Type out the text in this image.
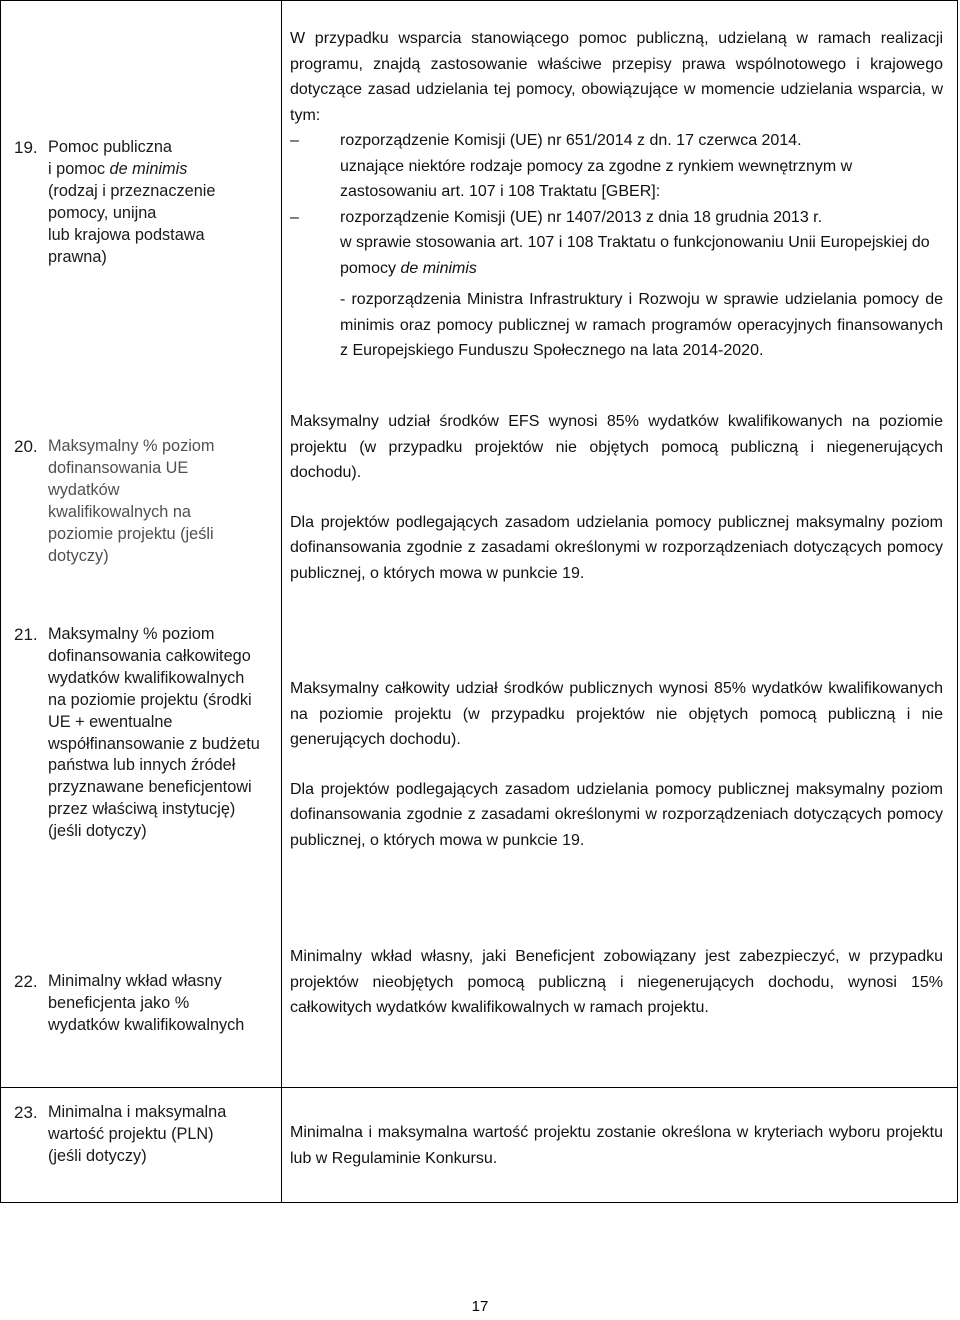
19. Pomoc publiczna
i pomoc de minimis
(rodzaj i przeznaczenie
pomocy, unijna
lub krajowa podstawa
prawna)

W przypadku wsparcia stanowiącego pomoc publiczną, udzielaną w ramach realizacji programu, znajdą zastosowanie właściwe przepisy prawa wspólnotowego i krajowego dotyczące zasad udzielania tej pomocy, obowiązujące w momencie udzielania wsparcia, w tym:

–	rozporządzenie Komisji (UE) nr 651/2014 z dn. 17 czerwca 2014.

uznające niektóre rodzaje pomocy za zgodne z rynkiem wewnętrznym w zastosowaniu art. 107 i 108 Traktatu [GBER]:

–	rozporządzenie Komisji (UE) nr 1407/2013 z dnia 18 grudnia 2013 r.

w sprawie stosowania art. 107 i 108 Traktatu o funkcjonowaniu Unii Europejskiej do pomocy de minimis

- rozporządzenia Ministra Infrastruktury i Rozwoju w sprawie udzielania pomocy de minimis oraz pomocy publicznej w ramach programów operacyjnych finansowanych z Europejskiego Funduszu Społecznego na lata 2014-2020.

20. Maksymalny % poziom dofinansowania UE wydatków kwalifikowalnych na poziomie projektu (jeśli dotyczy)

Maksymalny udział środków EFS wynosi 85% wydatków kwalifikowanych na poziomie projektu (w przypadku projektów nie objętych pomocą publiczną i niegenerujących dochodu).

Dla projektów podlegających zasadom udzielania pomocy publicznej maksymalny poziom dofinansowania zgodnie z zasadami określonymi w rozporządzeniach dotyczących pomocy publicznej, o których mowa w punkcie 19.

21. Maksymalny % poziom dofinansowania całkowitego wydatków kwalifikowalnych na poziomie projektu (środki UE + ewentualne współfinansowanie z budżetu państwa lub innych źródeł przyznawane beneficjentowi przez właściwą instytucję) (jeśli dotyczy)

Maksymalny całkowity udział środków publicznych wynosi 85% wydatków kwalifikowanych na poziomie projektu (w przypadku projektów nie objętych pomocą publiczną i nie generujących dochodu).

Dla projektów podlegających zasadom udzielania pomocy publicznej maksymalny poziom dofinansowania zgodnie z zasadami określonymi w rozporządzeniach dotyczących pomocy publicznej, o których mowa w punkcie 19.

22. Minimalny wkład własny beneficjenta jako % wydatków kwalifikowalnych

Minimalny wkład własny, jaki Beneficjent zobowiązany jest zabezpieczyć, w przypadku projektów nieobjętych pomocą publiczną i niegenerujących dochodu, wynosi 15% całkowitych wydatków kwalifikowalnych w ramach projektu.

23. Minimalna i maksymalna wartość projektu (PLN) (jeśli dotyczy)

Minimalna i maksymalna wartość projektu zostanie określona w kryteriach wyboru projektu lub w Regulaminie Konkursu.

17
